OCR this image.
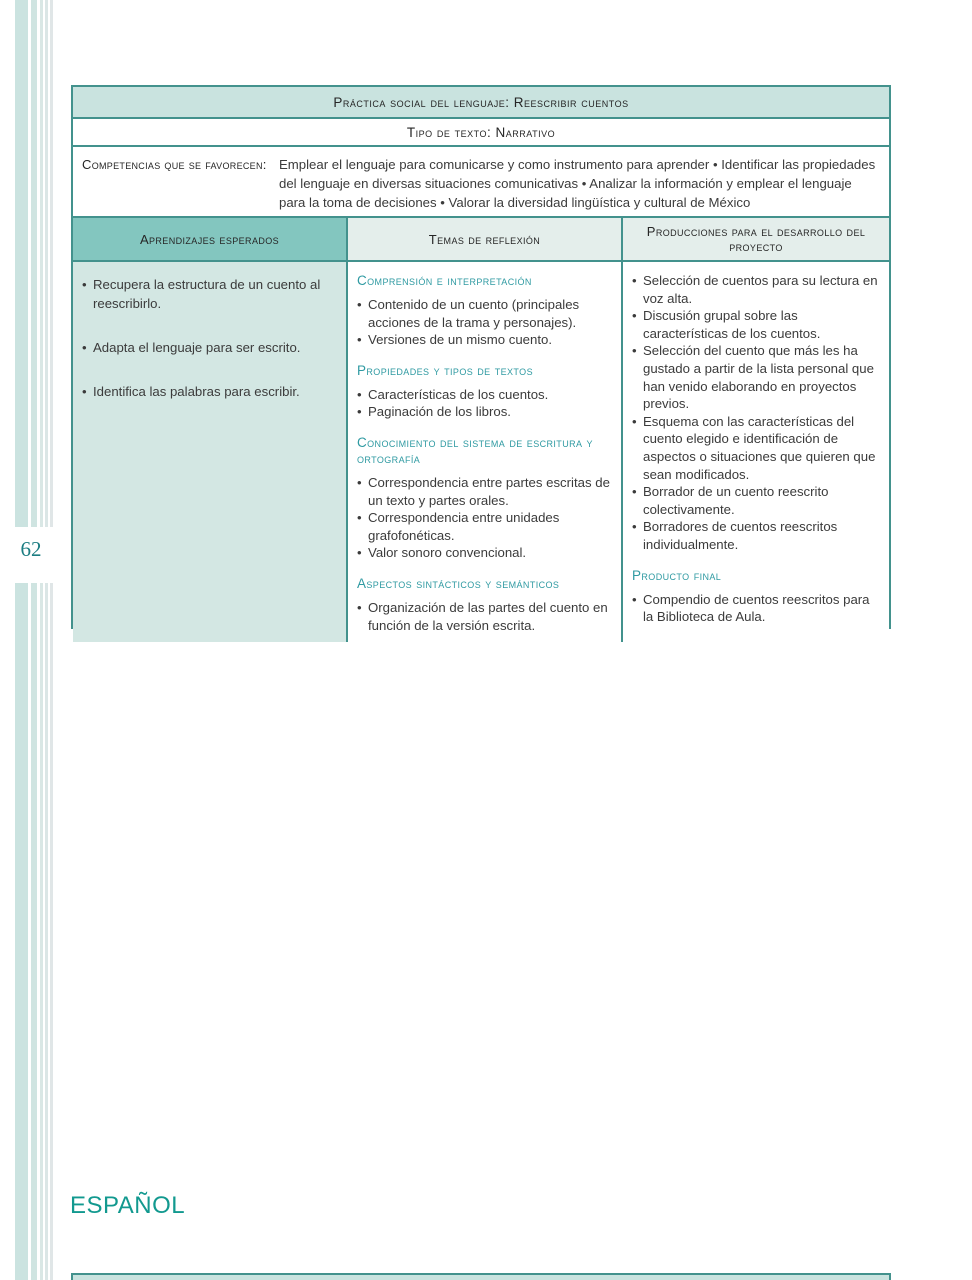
62
Práctica social del lenguaje: Reescribir cuentos
Tipo de texto: Narrativo
Competencias que se favorecen: Emplear el lenguaje para comunicarse y como instrumento para aprender • Identificar las propiedades del lenguaje en diversas situaciones comunicativas • Analizar la información y emplear el lenguaje para la toma de decisiones • Valorar la diversidad lingüística y cultural de México
Aprendizajes esperados	Temas de reflexión	Producciones para el desarrollo del proyecto
• Recupera la estructura de un cuento al reescribirlo.
• Adapta el lenguaje para ser escrito.
• Identifica las palabras para escribir.
Comprensión e interpretación
• Contenido de un cuento (principales acciones de la trama y personajes).
• Versiones de un mismo cuento.
Propiedades y tipos de textos
• Características de los cuentos.
• Paginación de los libros.
Conocimiento del sistema de escritura y ortografía
• Correspondencia entre partes escritas de un texto y partes orales.
• Correspondencia entre unidades grafofonéticas.
• Valor sonoro convencional.
Aspectos sintácticos y semánticos
• Organización de las partes del cuento en función de la versión escrita.
• Selección de cuentos para su lectura en voz alta.
• Discusión grupal sobre las características de los cuentos.
• Selección del cuento que más les ha gustado a partir de la lista personal que han venido elaborando en proyectos previos.
• Esquema con las características del cuento elegido e identificación de aspectos o situaciones que quieren que sean modificados.
• Borrador de un cuento reescrito colectivamente.
• Borradores de cuentos reescritos individualmente.
Producto final
• Compendio de cuentos reescritos para la Biblioteca de Aula.
ESPAÑOL
